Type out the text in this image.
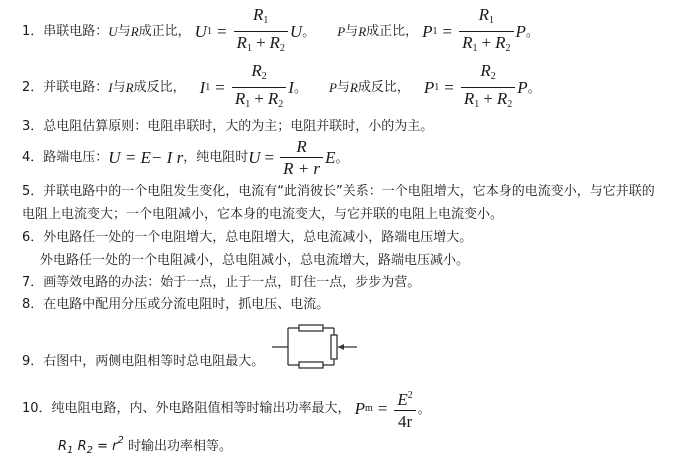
1． 串联电路： U 与 R 成正比， U $1 = \frac{R_1}{R_1 + R_2}$ U 。 P 与 R 成正比， P $1 = \frac{R_1}{R_1 + R_2}$ P 。
2． 并联电路： I 与 R 成反比， I $1 = \frac{R_2}{R_1 + R_2}$ I 。 P 与 R 成反比， P $1 = \frac{R_2}{R_1 + R_2}$ P 。
3．总电阻估算原则：电阻串联时，大的为主；电阻并联时，小的为主。
4． 路端电压： U = E− I r ，纯电阻时 $U = \frac{R}{R + r}$ E 。
5．并联电路中的一个电阻发生变化，电流有“此消彼长”关系：一个电阻增大，它本身的电流变小，与它并联的
电阻上电流变大；一个电阻减小，它本身的电流变大，与它并联的电阻上电流变小。
6．外电路任一处的一个电阻增大，总电阻增大，总电流减小，路端电压增大。
外电路任一处的一个电阻减小，总电阻减小，总电流增大，路端电压减小。
7．画等效电路的办法：始于一点，止于一点，盯住一点，步步为营。
8．在电路中配用分压或分流电阻时，抓电压、电流。
9．右图中，两侧电阻相等时总电阻最大。
10． 纯电阻电路，内、外电路阻值相等时输出功率最大， P $m = \frac{E^2}{4r}$ 。
$R_1$ $R_2 = r^2$ 时输出功率相等。
